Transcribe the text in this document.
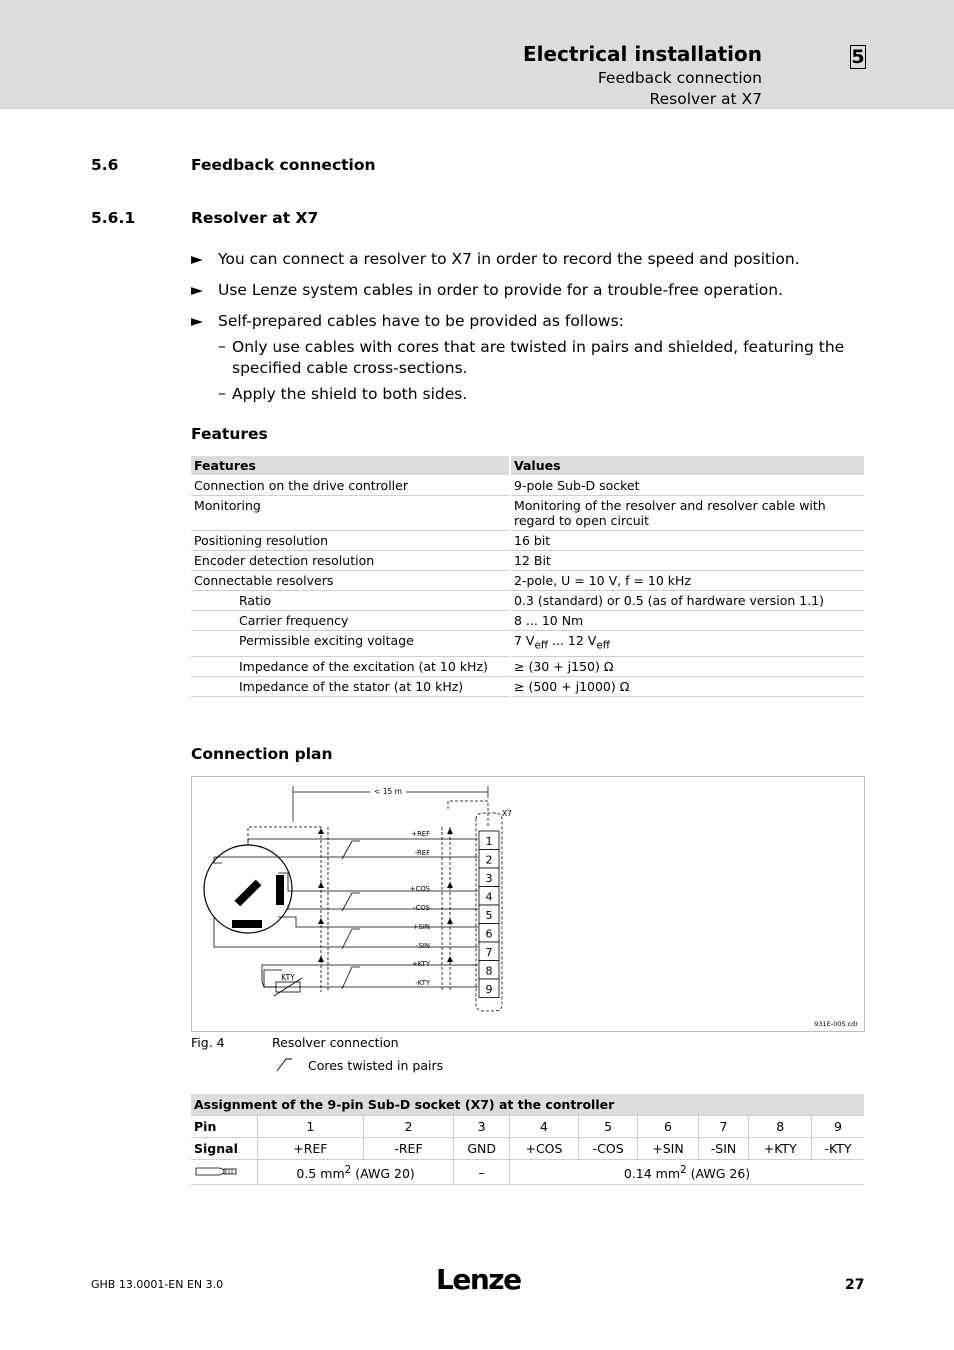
Electrical installation
Feedback connection
Resolver at X7
5
5.6	Feedback connection
5.6.1	Resolver at X7
► You can connect a resolver to X7 in order to record the speed and position.
► Use Lenze system cables in order to provide for a trouble-free operation.
► Self-prepared cables have to be provided as follows:
– Only use cables with cores that are twisted in pairs and shielded, featuring the specified cable cross-sections.
– Apply the shield to both sides.
Features
Features	Values
Connection on the drive controller	9-pole Sub-D socket
Monitoring	Monitoring of the resolver and resolver cable with regard to open circuit
Positioning resolution	16 bit
Encoder detection resolution	12 Bit
Connectable resolvers	2-pole, U = 10 V, f = 10 kHz
Ratio	0.3 (standard) or 0.5 (as of hardware version 1.1)
Carrier frequency	8 ... 10 Nm
Permissible exciting voltage	7 $V_{eff}$ ... 12 $V_{eff}$
Impedance of the excitation (at 10 kHz)	≥ (30 + j150) Ω
Impedance of the stator (at 10 kHz)	≥ (500 + j1000) Ω
Connection plan
< 15 m
KTY
+REF
-REF
+COS
-COS
+SIN
-SIN
+KTY
-KTY
X7
1
2
3
4
5
6
7
8
9
931E-005.cdr
Fig. 4	Resolver connection
Cores twisted in pairs
Assignment of the 9-pin Sub-D socket (X7) at the controller									
Pin	1	2	3	4	5	6	7	8	9
Signal	+REF	-REF	GND	+COS	-COS	+SIN	-SIN	+KTY	-KTY
	0.5 $mm^2$ (AWG 20)		–	0.14 $mm^2$ (AWG 26)					
GHB 13.0001-EN EN 3.0	Lenze	27
